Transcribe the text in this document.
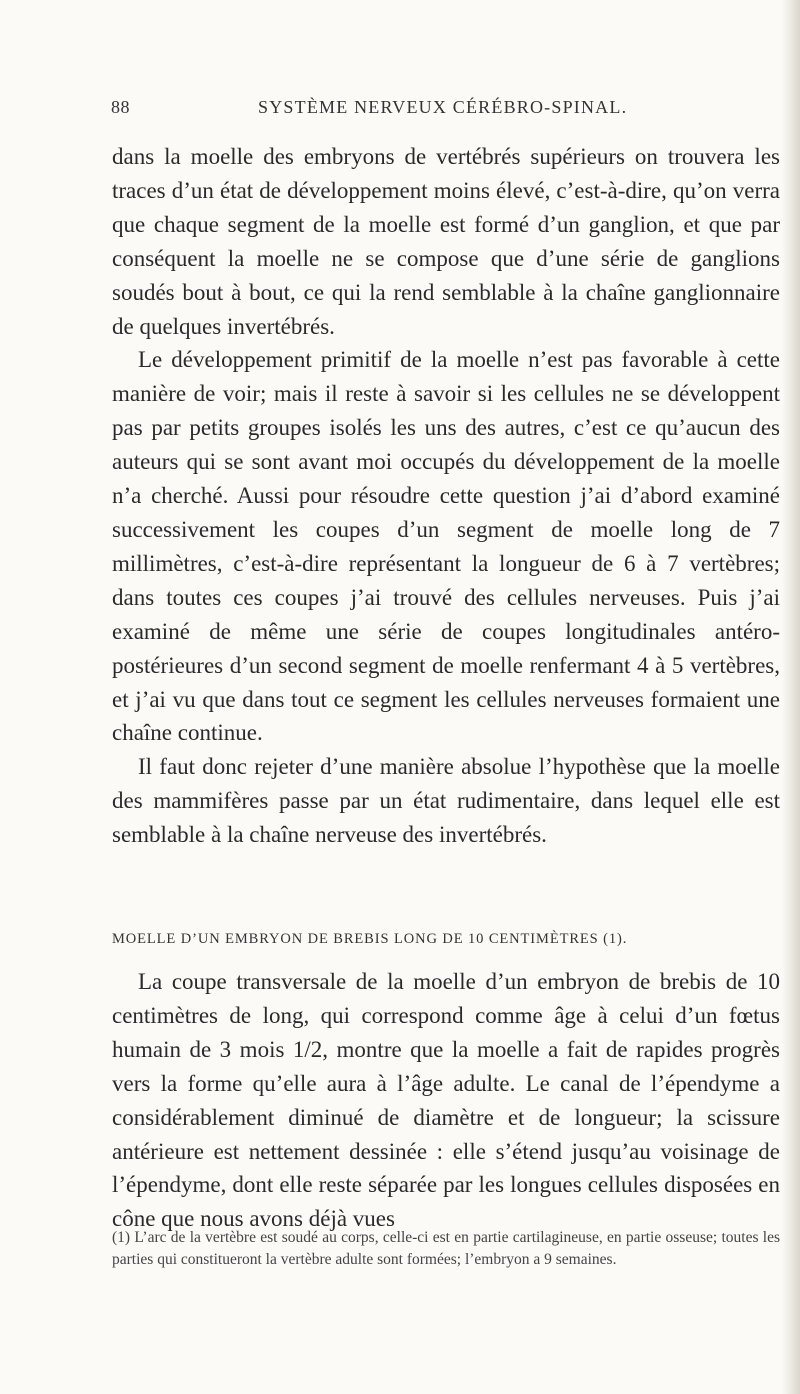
88	SYSTÈME NERVEUX CÉRÉBRO-SPINAL.

dans la moelle des embryons de vertébrés supérieurs on trouvera les traces d’un état de développement moins élevé, c’est-à-dire, qu’on verra que chaque segment de la moelle est formé d’un ganglion, et que par conséquent la moelle ne se compose que d’une série de ganglions soudés bout à bout, ce qui la rend semblable à la chaîne ganglionnaire de quelques invertébrés.

Le développement primitif de la moelle n’est pas favorable à cette manière de voir; mais il reste à savoir si les cellules ne se développent pas par petits groupes isolés les uns des autres, c’est ce qu’aucun des auteurs qui se sont avant moi occupés du développement de la moelle n’a cherché. Aussi pour résoudre cette question j’ai d’abord examiné successivement les coupes d’un segment de moelle long de 7 millimètres, c’est-à-dire représentant la longueur de 6 à 7 vertèbres; dans toutes ces coupes j’ai trouvé des cellules nerveuses. Puis j’ai examiné de même une série de coupes longitudinales antéro-postérieures d’un second segment de moelle renfermant 4 à 5 vertèbres, et j’ai vu que dans tout ce segment les cellules nerveuses formaient une chaîne continue.

Il faut donc rejeter d’une manière absolue l’hypothèse que la moelle des mammifères passe par un état rudimentaire, dans lequel elle est semblable à la chaîne nerveuse des invertébrés.

MOELLE D’UN EMBRYON DE BREBIS LONG DE 10 CENTIMÈTRES (1).

La coupe transversale de la moelle d’un embryon de brebis de 10 centimètres de long, qui correspond comme âge à celui d’un fœtus humain de 3 mois 1/2, montre que la moelle a fait de rapides progrès vers la forme qu’elle aura à l’âge adulte. Le canal de l’épendyme a considérablement diminué de diamètre et de longueur; la scissure antérieure est nettement dessinée : elle s’étend jusqu’au voisinage de l’épendyme, dont elle reste séparée par les longues cellules disposées en cône que nous avons déjà vues

(1) L’arc de la vertèbre est soudé au corps, celle-ci est en partie cartilagineuse, en partie osseuse; toutes les parties qui constitueront la vertèbre adulte sont formées; l’embryon a 9 semaines.
